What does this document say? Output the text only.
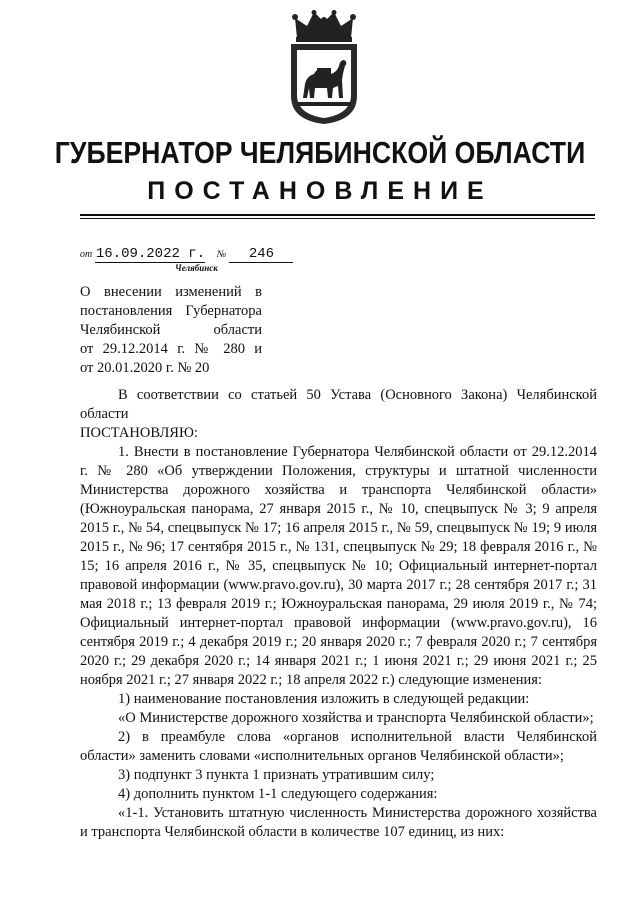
ГУБЕРНАТОР ЧЕЛЯБИНСКОЙ ОБЛАСТИ
ПОСТАНОВЛЕНИЕ
от 16.09.2022 г. № 246
Челябинск
О внесении изменений в
постановления Губернатора
Челябинской области
от 29.12.2014 г. № 280 и
от 20.01.2020 г. № 20

В соответствии со статьей 50 Устава (Основного Закона) Челябинской области

ПОСТАНОВЛЯЮ:

1. Внести в постановление Губернатора Челябинской области от 29.12.2014 г. № 280 «Об утверждении Положения, структуры и штатной численности Министерства дорожного хозяйства и транспорта Челябинской области» (Южноуральская панорама, 27 января 2015 г., № 10, спецвыпуск № 3; 9 апреля 2015 г., № 54, спецвыпуск № 17; 16 апреля 2015 г., № 59, спецвыпуск № 19; 9 июля 2015 г., № 96; 17 сентября 2015 г., № 131, спецвыпуск № 29; 18 февраля 2016 г., № 15; 16 апреля 2016 г., № 35, спецвыпуск № 10; Официальный интернет-портал правовой информации (www.pravo.gov.ru), 30 марта 2017 г.; 28 сентября 2017 г.; 31 мая 2018 г.; 13 февраля 2019 г.; Южноуральская панорама, 29 июля 2019 г., № 74; Официальный интернет-портал правовой информации (www.pravo.gov.ru), 16 сентября 2019 г.; 4 декабря 2019 г.; 20 января 2020 г.; 7 февраля 2020 г.; 7 сентября 2020 г.; 29 декабря 2020 г.; 14 января 2021 г.; 1 июня 2021 г.; 29 июня 2021 г.; 25 ноября 2021 г.; 27 января 2022 г.; 18 апреля 2022 г.) следующие изменения:

1) наименование постановления изложить в следующей редакции:

«О Министерстве дорожного хозяйства и транспорта Челябинской области»;

2) в преамбуле слова «органов исполнительной власти Челябинской области» заменить словами «исполнительных органов Челябинской области»;

3) подпункт 3 пункта 1 признать утратившим силу;

4) дополнить пунктом 1-1 следующего содержания:

«1-1. Установить штатную численность Министерства дорожного хозяйства и транспорта Челябинской области в количестве 107 единиц, из них:
